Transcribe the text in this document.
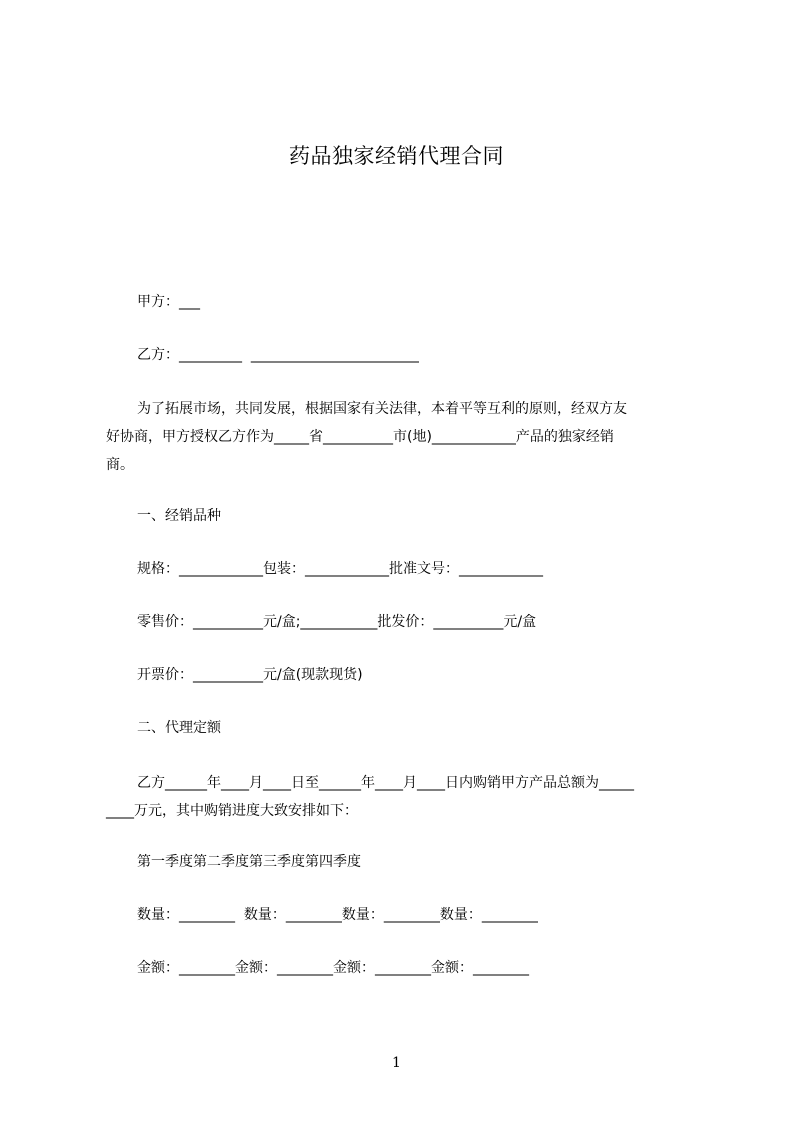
药品独家经销代理合同
甲方：___
乙方：_________  ________________________
为了拓展市场，共同发展，根据国家有关法律，本着平等互利的原则，经双方友
好协商，甲方授权乙方作为_____省__________市(地)____________产品的独家经销
商。
一、经销品种
规格：____________包装：____________批准文号：____________
零售价：__________元/盒;___________批发价：__________元/盒
开票价：__________元/盒(现款现货)
二、代理定额
乙方______年____月____日至______年____月____日内购销甲方产品总额为_____
____万元，其中购销进度大致安排如下：
第一季度第二季度第三季度第四季度
数量：________  数量：________数量：________数量：________
金额：________金额：________金额：________金额：________
1
